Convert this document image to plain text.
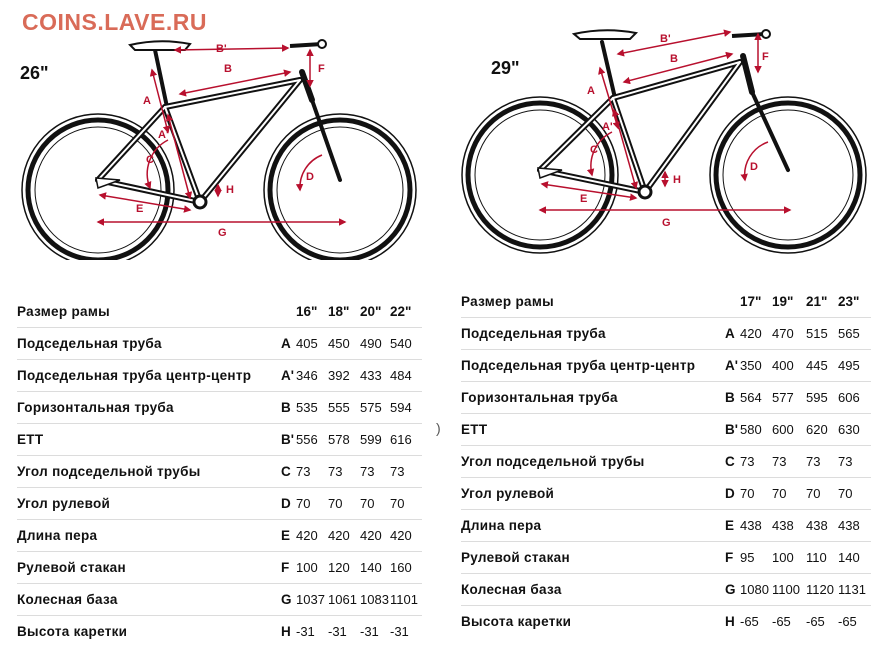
COINS.LAVE.RU
26"
B'
B
A
A'
C
E
G
F
H
D
29"
B'
B
A
A'
C
E
G
F
H
D
Размер рамы		16"	18"	20"	22"
Подседельная труба	A	405	450	490	540
Подседельная труба центр-центр	A'	346	392	433	484
Горизонтальная труба	B	535	555	575	594
ETT	B'	556	578	599	616
Угол подседельной трубы	C	73	73	73	73
Угол рулевой	D	70	70	70	70
Длина пера	E	420	420	420	420
Рулевой стакан	F	100	120	140	160
Колесная база	G	1037	1061	1083	1101
Высота каретки	H	-31	-31	-31	-31
)
Размер рамы		17"	19"	21"	23"
Подседельная труба	A	420	470	515	565
Подседельная труба центр-центр	A'	350	400	445	495
Горизонтальная труба	B	564	577	595	606
ETT	B'	580	600	620	630
Угол подседельной трубы	C	73	73	73	73
Угол рулевой	D	70	70	70	70
Длина пера	E	438	438	438	438
Рулевой стакан	F	95	100	110	140
Колесная база	G	1080	1100	1120	1131
Высота каретки	H	-65	-65	-65	-65
